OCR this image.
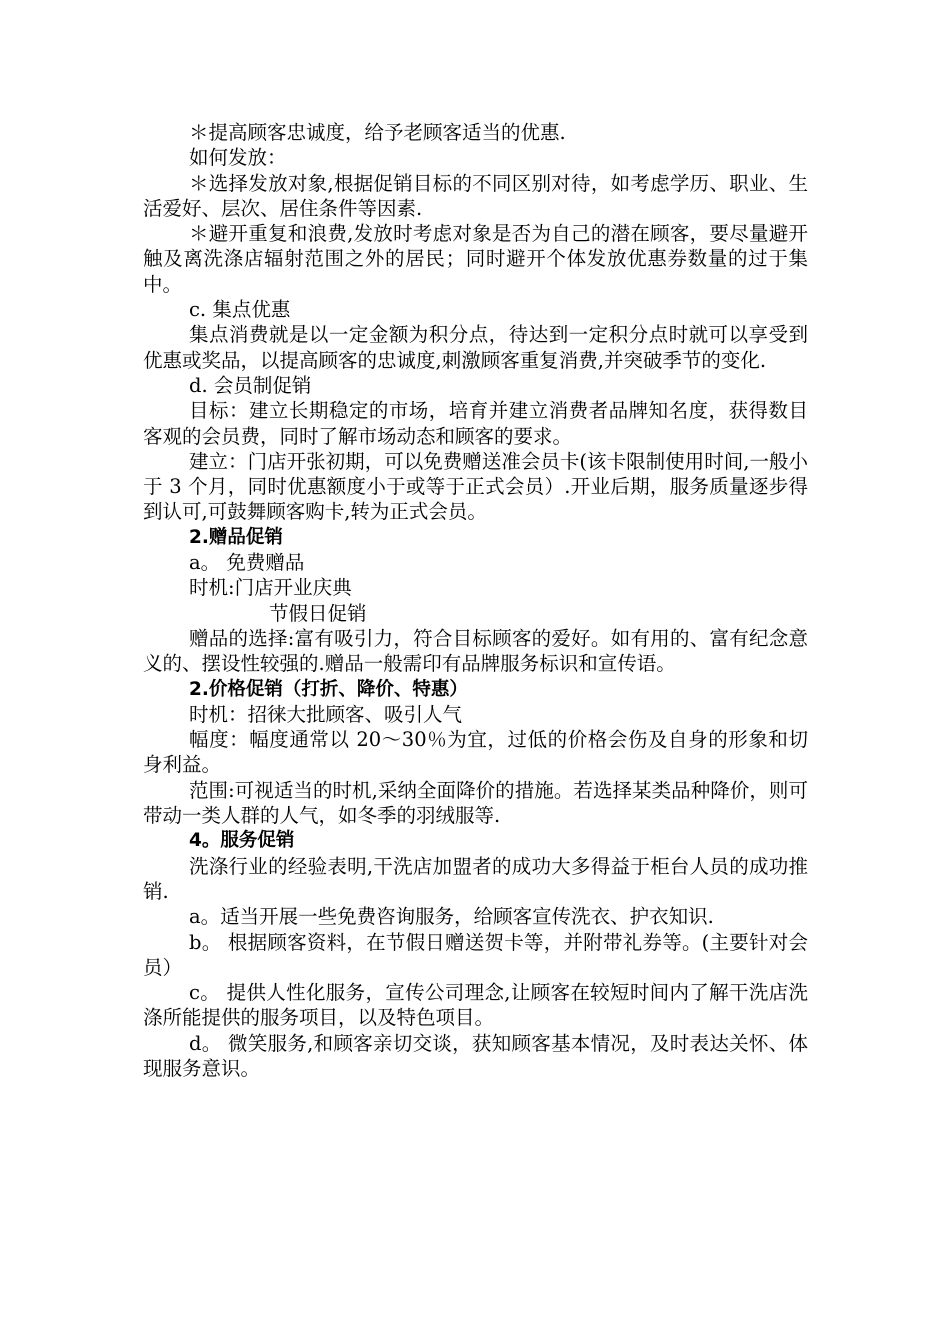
＊提高顾客忠诚度，给予老顾客适当的优惠.

如何发放：

＊选择发放对象,根据促销目标的不同区别对待，如考虑学历、职业、生活爱好、层次、居住条件等因素.

＊避开重复和浪费,发放时考虑对象是否为自己的潜在顾客，要尽量避开触及离洗涤店辐射范围之外的居民；同时避开个体发放优惠券数量的过于集中。

c. 集点优惠

集点消费就是以一定金额为积分点，待达到一定积分点时就可以享受到优惠或奖品，以提高顾客的忠诚度,刺激顾客重复消费,并突破季节的变化.

d. 会员制促销

目标：建立长期稳定的市场，培育并建立消费者品牌知名度，获得数目客观的会员费，同时了解市场动态和顾客的要求。

建立：门店开张初期，可以免费赠送准会员卡(该卡限制使用时间,一般小于 3 个月，同时优惠额度小于或等于正式会员）.开业后期，服务质量逐步得到认可,可鼓舞顾客购卡,转为正式会员。

2.赠品促销

a。 免费赠品

时机:门店开业庆典

节假日促销

赠品的选择:富有吸引力，符合目标顾客的爱好。如有用的、富有纪念意义的、摆设性较强的.赠品一般需印有品牌服务标识和宣传语。

2.价格促销（打折、降价、特惠）

时机：招徕大批顾客、吸引人气

幅度：幅度通常以 20～30％为宜，过低的价格会伤及自身的形象和切身利益。

范围:可视适当的时机,采纳全面降价的措施。若选择某类品种降价，则可带动一类人群的人气，如冬季的羽绒服等.

4。服务促销

洗涤行业的经验表明,干洗店加盟者的成功大多得益于柜台人员的成功推销.

a。适当开展一些免费咨询服务，给顾客宣传洗衣、护衣知识.

b。 根据顾客资料，在节假日赠送贺卡等，并附带礼券等。(主要针对会员）

c。 提供人性化服务，宣传公司理念,让顾客在较短时间内了解干洗店洗涤所能提供的服务项目，以及特色项目。

d。 微笑服务,和顾客亲切交谈，获知顾客基本情况，及时表达关怀、体现服务意识。
